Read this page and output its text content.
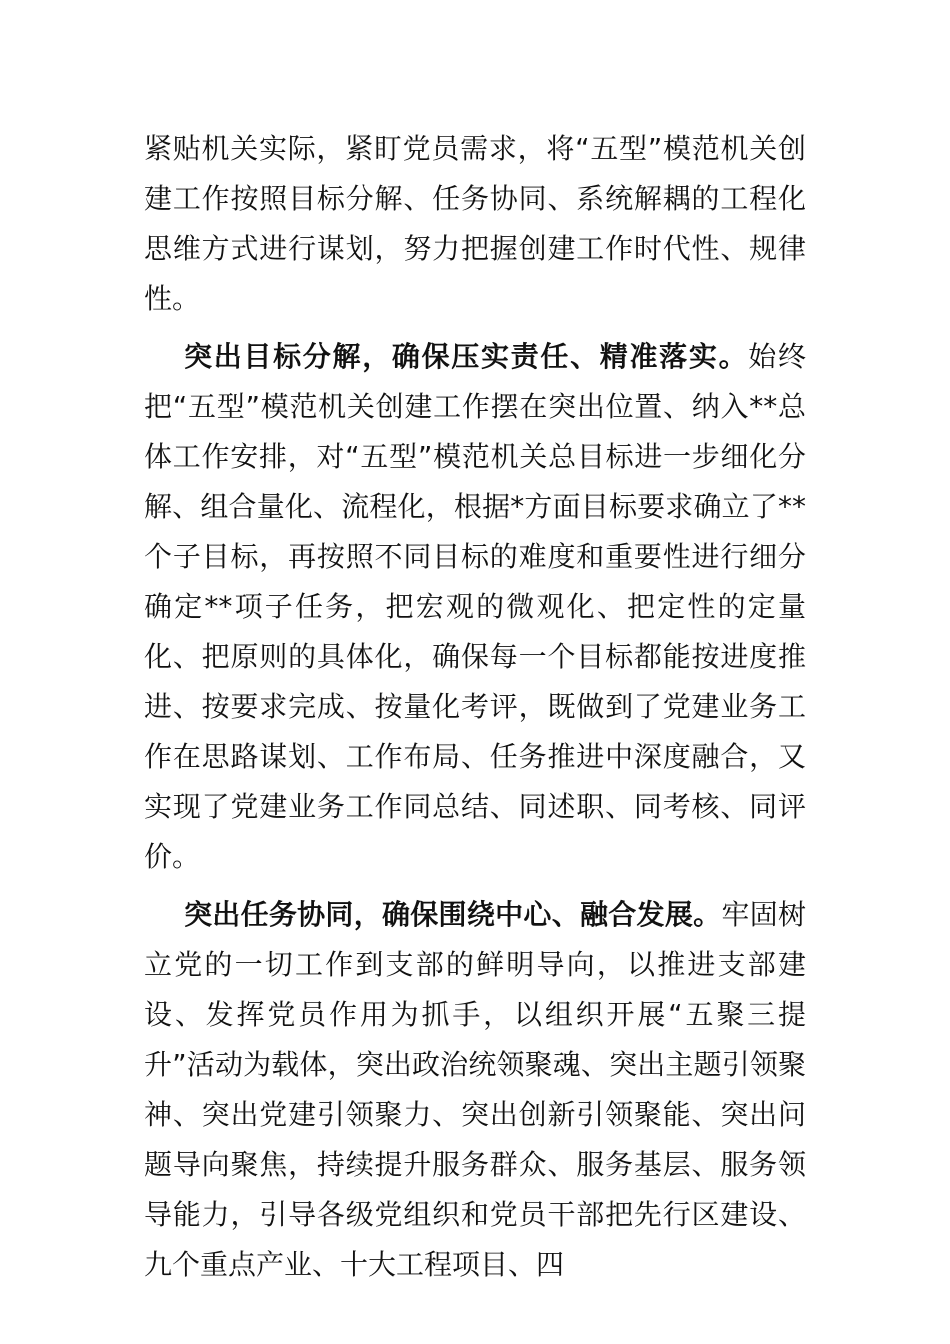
紧贴机关实际，紧盯党员需求，将“五型”模范机关创建工作按照目标分解、任务协同、系统解耦的工程化思维方式进行谋划，努力把握创建工作时代性、规律性。

突出目标分解，确保压实责任、精准落实。始终把“五型”模范机关创建工作摆在突出位置、纳入**总体工作安排，对“五型”模范机关总目标进一步细化分解、组合量化、流程化，根据*方面目标要求确立了**个子目标，再按照不同目标的难度和重要性进行细分确定**项子任务，把宏观的微观化、把定性的定量化、把原则的具体化，确保每一个目标都能按进度推进、按要求完成、按量化考评，既做到了党建业务工作在思路谋划、工作布局、任务推进中深度融合，又实现了党建业务工作同总结、同述职、同考核、同评价。

突出任务协同，确保围绕中心、融合发展。牢固树立党的一切工作到支部的鲜明导向，以推进支部建设、发挥党员作用为抓手，以组织开展“五聚三提升”活动为载体，突出政治统领聚魂、突出主题引领聚神、突出党建引领聚力、突出创新引领聚能、突出问题导向聚焦，持续提升服务群众、服务基层、服务领导能力，引导各级党组织和党员干部把先行区建设、九个重点产业、十大工程项目、四
